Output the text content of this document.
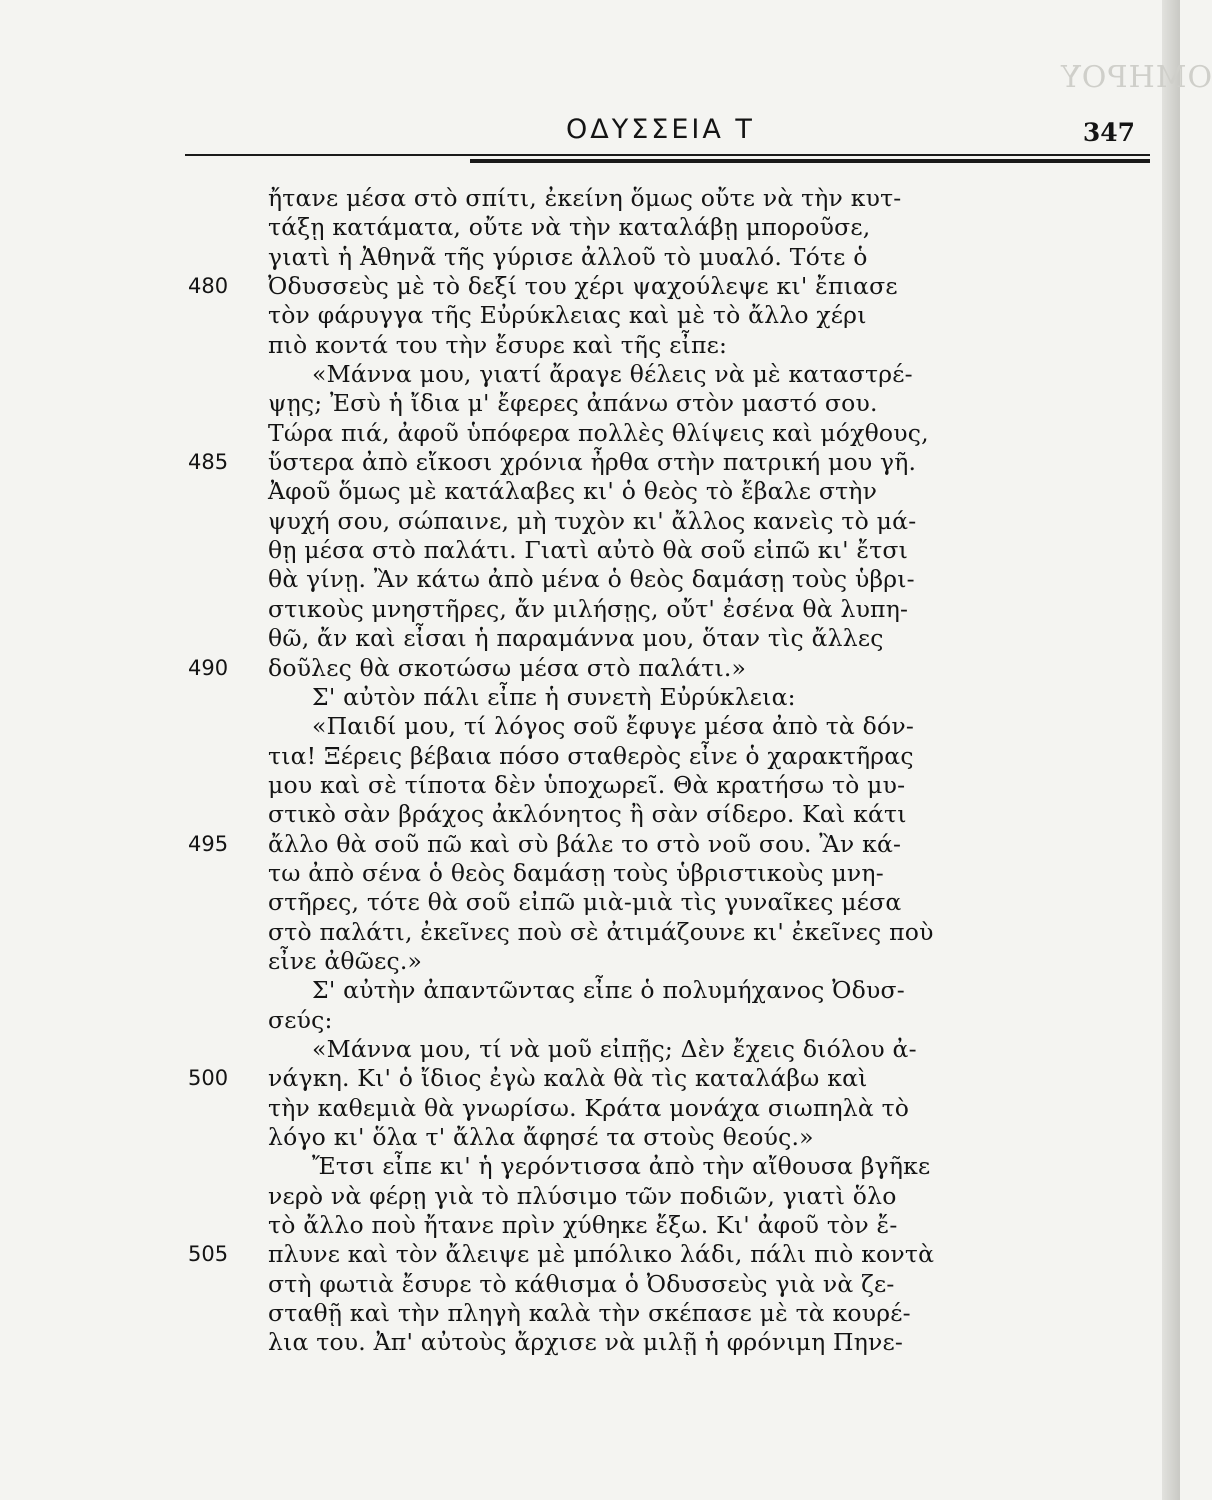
ΟΜΗΡΟΥ
ΟΔΥΣΣΕΙΑ Τ	347
ἤτανε μέσα στὸ σπίτι, ἐκείνη ὅμως οὔτε νὰ τὴν κυτ-
τάξῃ κατάματα, οὔτε νὰ τὴν καταλάβῃ μποροῦσε,
γιατὶ ἡ Ἀθηνᾶ τῆς γύρισε ἀλλοῦ τὸ μυαλό. Τότε ὁ
480 Ὀδυσσεὺς μὲ τὸ δεξί του χέρι ψαχούλεψε κι' ἔπιασε
τὸν φάρυγγα τῆς Εὐρύκλειας καὶ μὲ τὸ ἄλλο χέρι
πιὸ κοντά του τὴν ἔσυρε καὶ τῆς εἶπε:
«Μάννα μου, γιατί ἄραγε θέλεις νὰ μὲ καταστρέ-
ψῃς; Ἐσὺ ἡ ἴδια μ' ἔφερες ἀπάνω στὸν μαστό σου.
Τώρα πιά, ἀφοῦ ὑπόφερα πολλὲς θλίψεις καὶ μόχθους,
485 ὕστερα ἀπὸ εἴκοσι χρόνια ἦρθα στὴν πατρική μου γῆ.
Ἀφοῦ ὅμως μὲ κατάλαβες κι' ὁ θεὸς τὸ ἔβαλε στὴν
ψυχή σου, σώπαινε, μὴ τυχὸν κι' ἄλλος κανεὶς τὸ μά-
θῃ μέσα στὸ παλάτι. Γιατὶ αὐτὸ θὰ σοῦ εἰπῶ κι' ἔτσι
θὰ γίνῃ. Ἂν κάτω ἀπὸ μένα ὁ θεὸς δαμάσῃ τοὺς ὑβρι-
στικοὺς μνηστῆρες, ἄν μιλήσῃς, οὔτ' ἐσένα θὰ λυπη-
θῶ, ἄν καὶ εἶσαι ἡ παραμάννα μου, ὅταν τὶς ἄλλες
490 δοῦλες θὰ σκοτώσω μέσα στὸ παλάτι.»
Σ' αὐτὸν πάλι εἶπε ἡ συνετὴ Εὐρύκλεια:
«Παιδί μου, τί λόγος σοῦ ἔφυγε μέσα ἀπὸ τὰ δόν-
τια! Ξέρεις βέβαια πόσο σταθερὸς εἶνε ὁ χαρακτῆρας
μου καὶ σὲ τίποτα δὲν ὑποχωρεῖ. Θὰ κρατήσω τὸ μυ-
στικὸ σὰν βράχος ἀκλόνητος ἢ σὰν σίδερο. Καὶ κάτι
495 ἄλλο θὰ σοῦ πῶ καὶ σὺ βάλε το στὸ νοῦ σου. Ἂν κά-
τω ἀπὸ σένα ὁ θεὸς δαμάσῃ τοὺς ὑβριστικοὺς μνη-
στῆρες, τότε θὰ σοῦ εἰπῶ μιὰ-μιὰ τὶς γυναῖκες μέσα
στὸ παλάτι, ἐκεῖνες ποὺ σὲ ἀτιμάζουνε κι' ἐκεῖνες ποὺ
εἶνε ἀθῶες.»
Σ' αὐτὴν ἀπαντῶντας εἶπε ὁ πολυμήχανος Ὀδυσ-
σεύς:
«Μάννα μου, τί νὰ μοῦ εἰπῇς; Δὲν ἔχεις διόλου ἀ-
500 νάγκη. Κι' ὁ ἴδιος ἐγὼ καλὰ θὰ τὶς καταλάβω καὶ
τὴν καθεμιὰ θὰ γνωρίσω. Κράτα μονάχα σιωπηλὰ τὸ
λόγο κι' ὅλα τ' ἄλλα ἄφησέ τα στοὺς θεούς.»
Ἔτσι εἶπε κι' ἡ γερόντισσα ἀπὸ τὴν αἴθουσα βγῆκε
νερὸ νὰ φέρῃ γιὰ τὸ πλύσιμο τῶν ποδιῶν, γιατὶ ὅλο
τὸ ἄλλο ποὺ ἤτανε πρὶν χύθηκε ἔξω. Κι' ἀφοῦ τὸν ἔ-
505 πλυνε καὶ τὸν ἄλειψε μὲ μπόλικο λάδι, πάλι πιὸ κοντὰ
στὴ φωτιὰ ἔσυρε τὸ κάθισμα ὁ Ὀδυσσεὺς γιὰ νὰ ζε-
σταθῇ καὶ τὴν πληγὴ καλὰ τὴν σκέπασε μὲ τὰ κουρέ-
λια του. Ἀπ' αὐτοὺς ἄρχισε νὰ μιλῇ ἡ φρόνιμη Πηνε-
